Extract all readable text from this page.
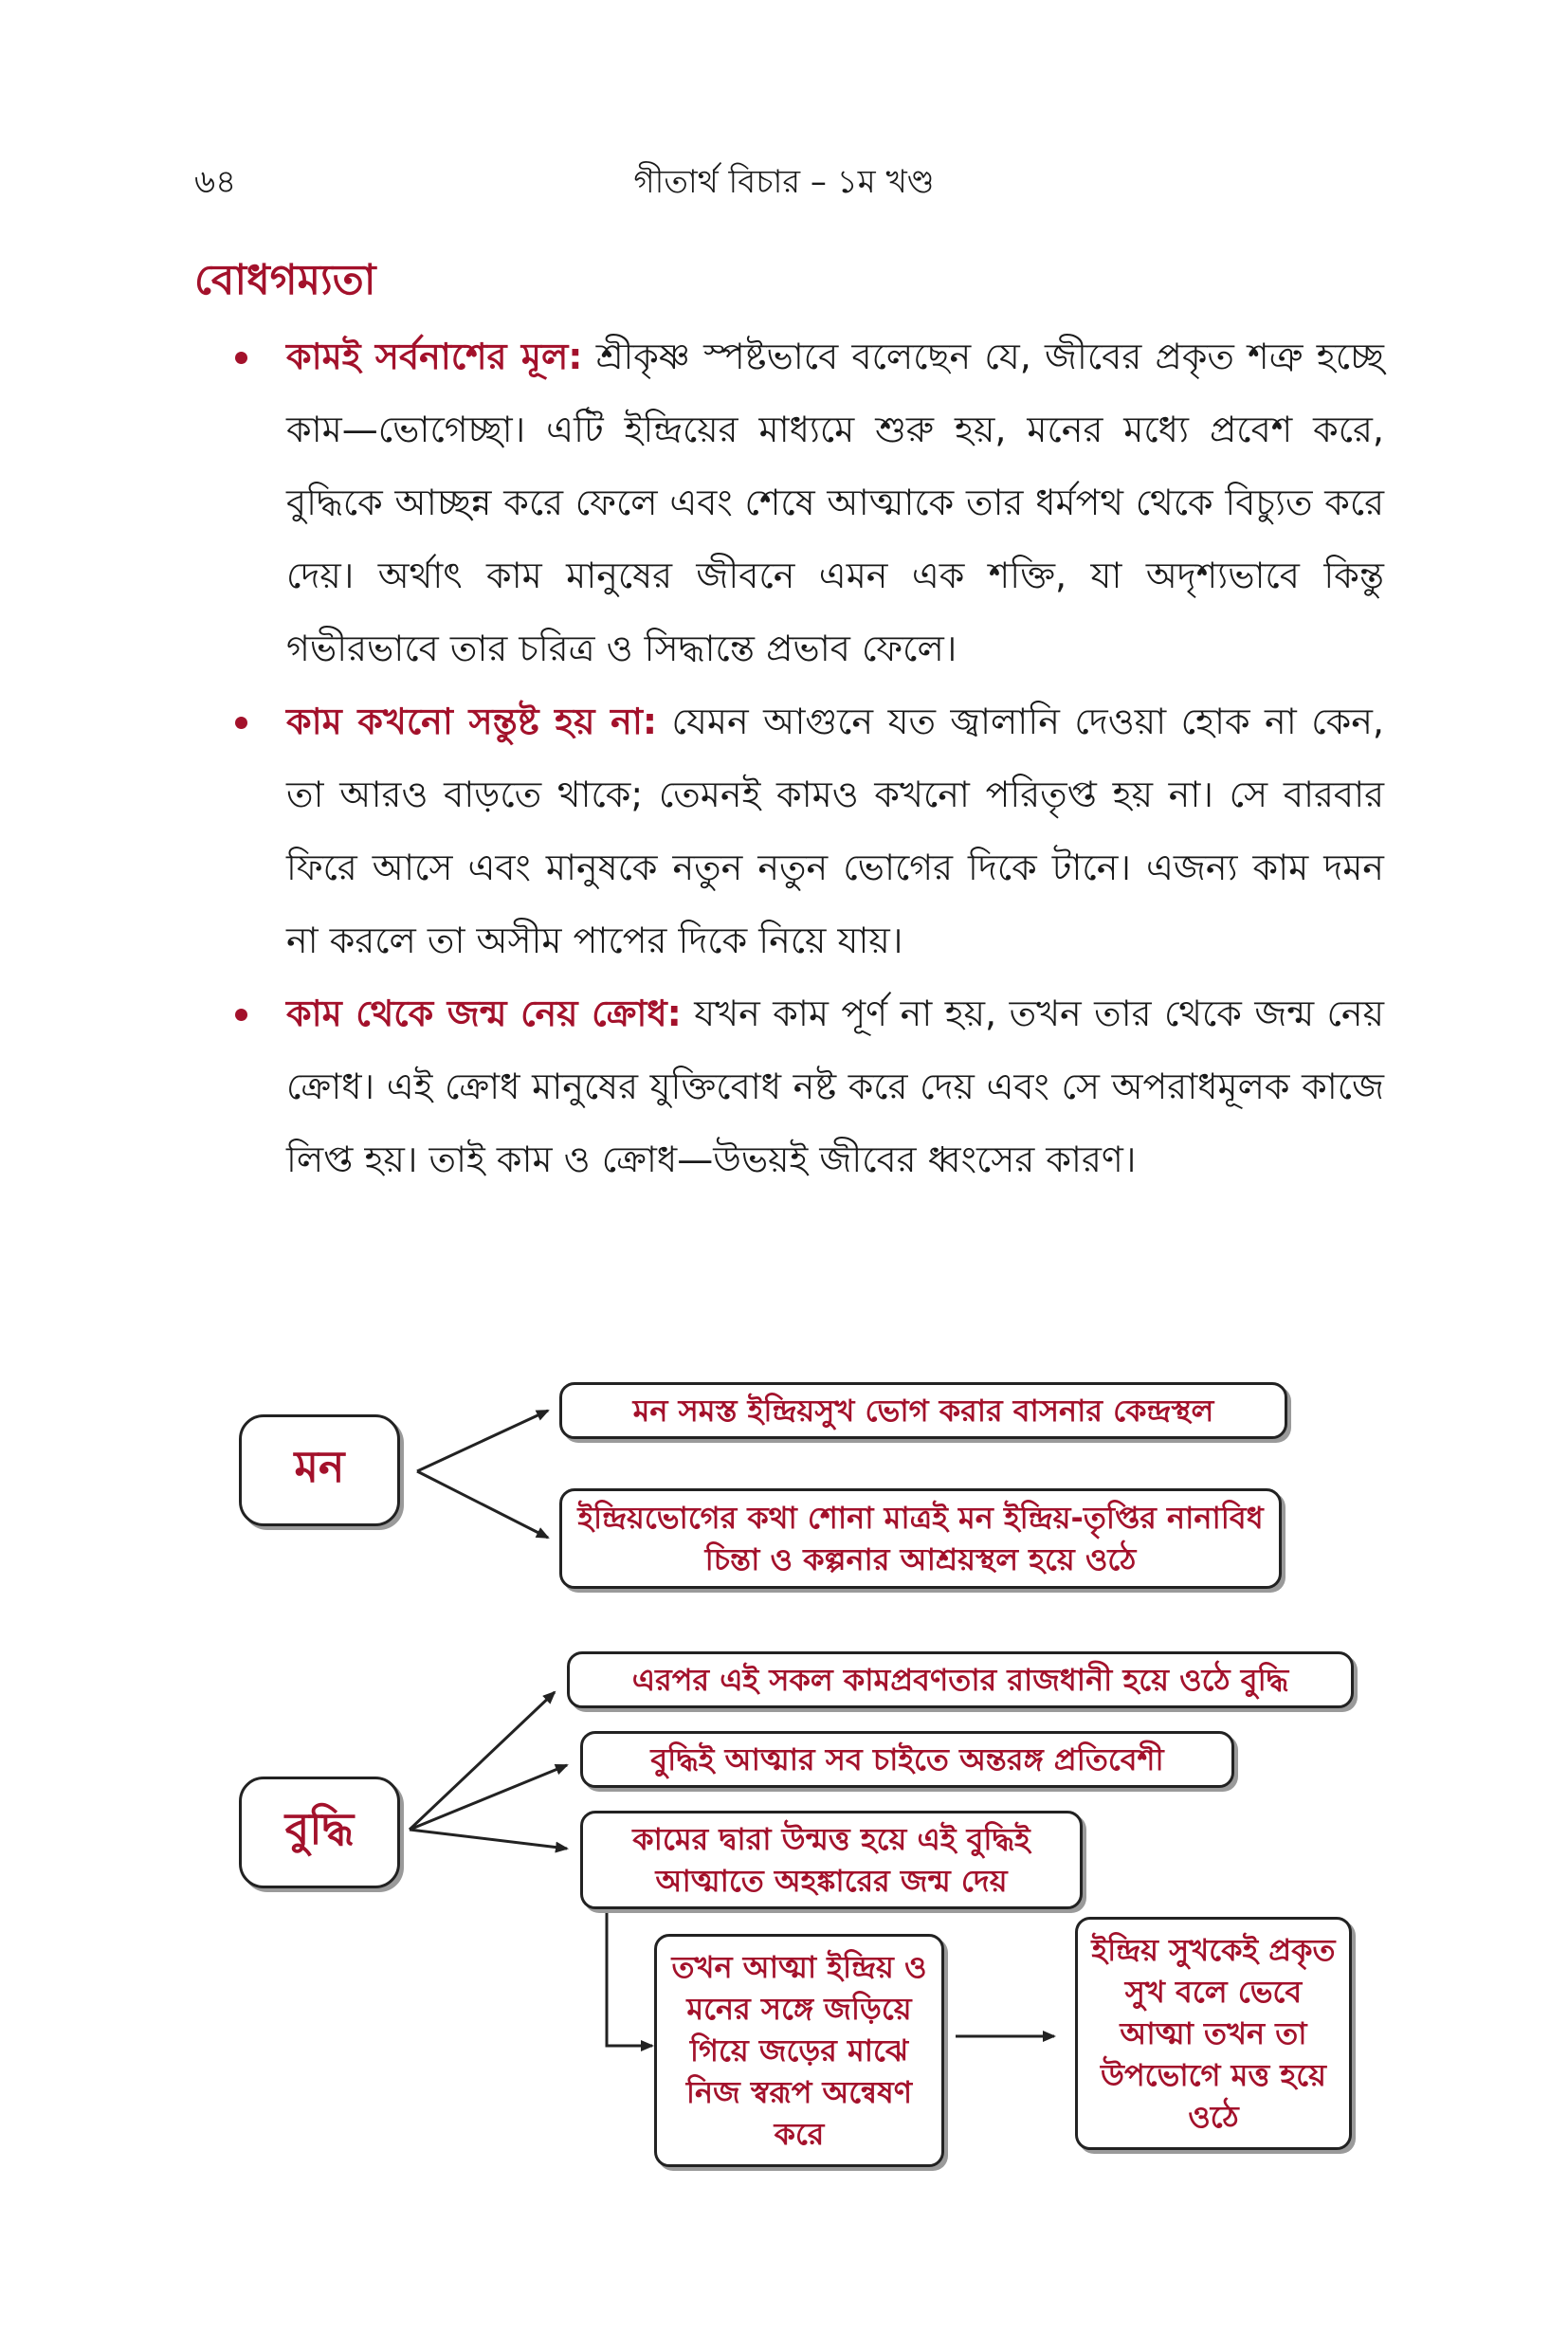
৬৪	গীতার্থ বিচার – ১ম খণ্ড
বোধগম্যতা
কামই সর্বনাশের মূল: শ্রীকৃষ্ণ স্পষ্টভাবে বলেছেন যে, জীবের প্রকৃত শত্রু হচ্ছে কাম—ভোগেচ্ছা। এটি ইন্দ্রিয়ের মাধ্যমে শুরু হয়, মনের মধ্যে প্রবেশ করে, বুদ্ধিকে আচ্ছন্ন করে ফেলে এবং শেষে আত্মাকে তার ধর্মপথ থেকে বিচ্যুত করে দেয়। অর্থাৎ কাম মানুষের জীবনে এমন এক শক্তি, যা অদৃশ্যভাবে কিন্তু গভীরভাবে তার চরিত্র ও সিদ্ধান্তে প্রভাব ফেলে।
কাম কখনো সন্তুষ্ট হয় না: যেমন আগুনে যত জ্বালানি দেওয়া হোক না কেন, তা আরও বাড়তে থাকে; তেমনই কামও কখনো পরিতৃপ্ত হয় না। সে বারবার ফিরে আসে এবং মানুষকে নতুন নতুন ভোগের দিকে টানে। এজন্য কাম দমন না করলে তা অসীম পাপের দিকে নিয়ে যায়।
কাম থেকে জন্ম নেয় ক্রোধ: যখন কাম পূর্ণ না হয়, তখন তার থেকে জন্ম নেয় ক্রোধ। এই ক্রোধ মানুষের যুক্তিবোধ নষ্ট করে দেয় এবং সে অপরাধমূলক কাজে লিপ্ত হয়। তাই কাম ও ক্রোধ—উভয়ই জীবের ধ্বংসের কারণ।
মন
মন সমস্ত ইন্দ্রিয়সুখ ভোগ করার বাসনার কেন্দ্রস্থল
ইন্দ্রিয়ভোগের কথা শোনা মাত্রই মন ইন্দ্রিয়-তৃপ্তির নানাবিধ চিন্তা ও কল্পনার আশ্রয়স্থল হয়ে ওঠে
বুদ্ধি
এরপর এই সকল কামপ্রবণতার রাজধানী হয়ে ওঠে বুদ্ধি
বুদ্ধিই আত্মার সব চাইতে অন্তরঙ্গ প্রতিবেশী
কামের দ্বারা উন্মত্ত হয়ে এই বুদ্ধিই আত্মাতে অহঙ্কারের জন্ম দেয়
তখন আত্মা ইন্দ্রিয় ও মনের সঙ্গে জড়িয়ে গিয়ে জড়ের মাঝে নিজ স্বরূপ অন্বেষণ করে
ইন্দ্রিয় সুখকেই প্রকৃত সুখ বলে ভেবে আত্মা তখন তা উপভোগে মত্ত হয়ে ওঠে
